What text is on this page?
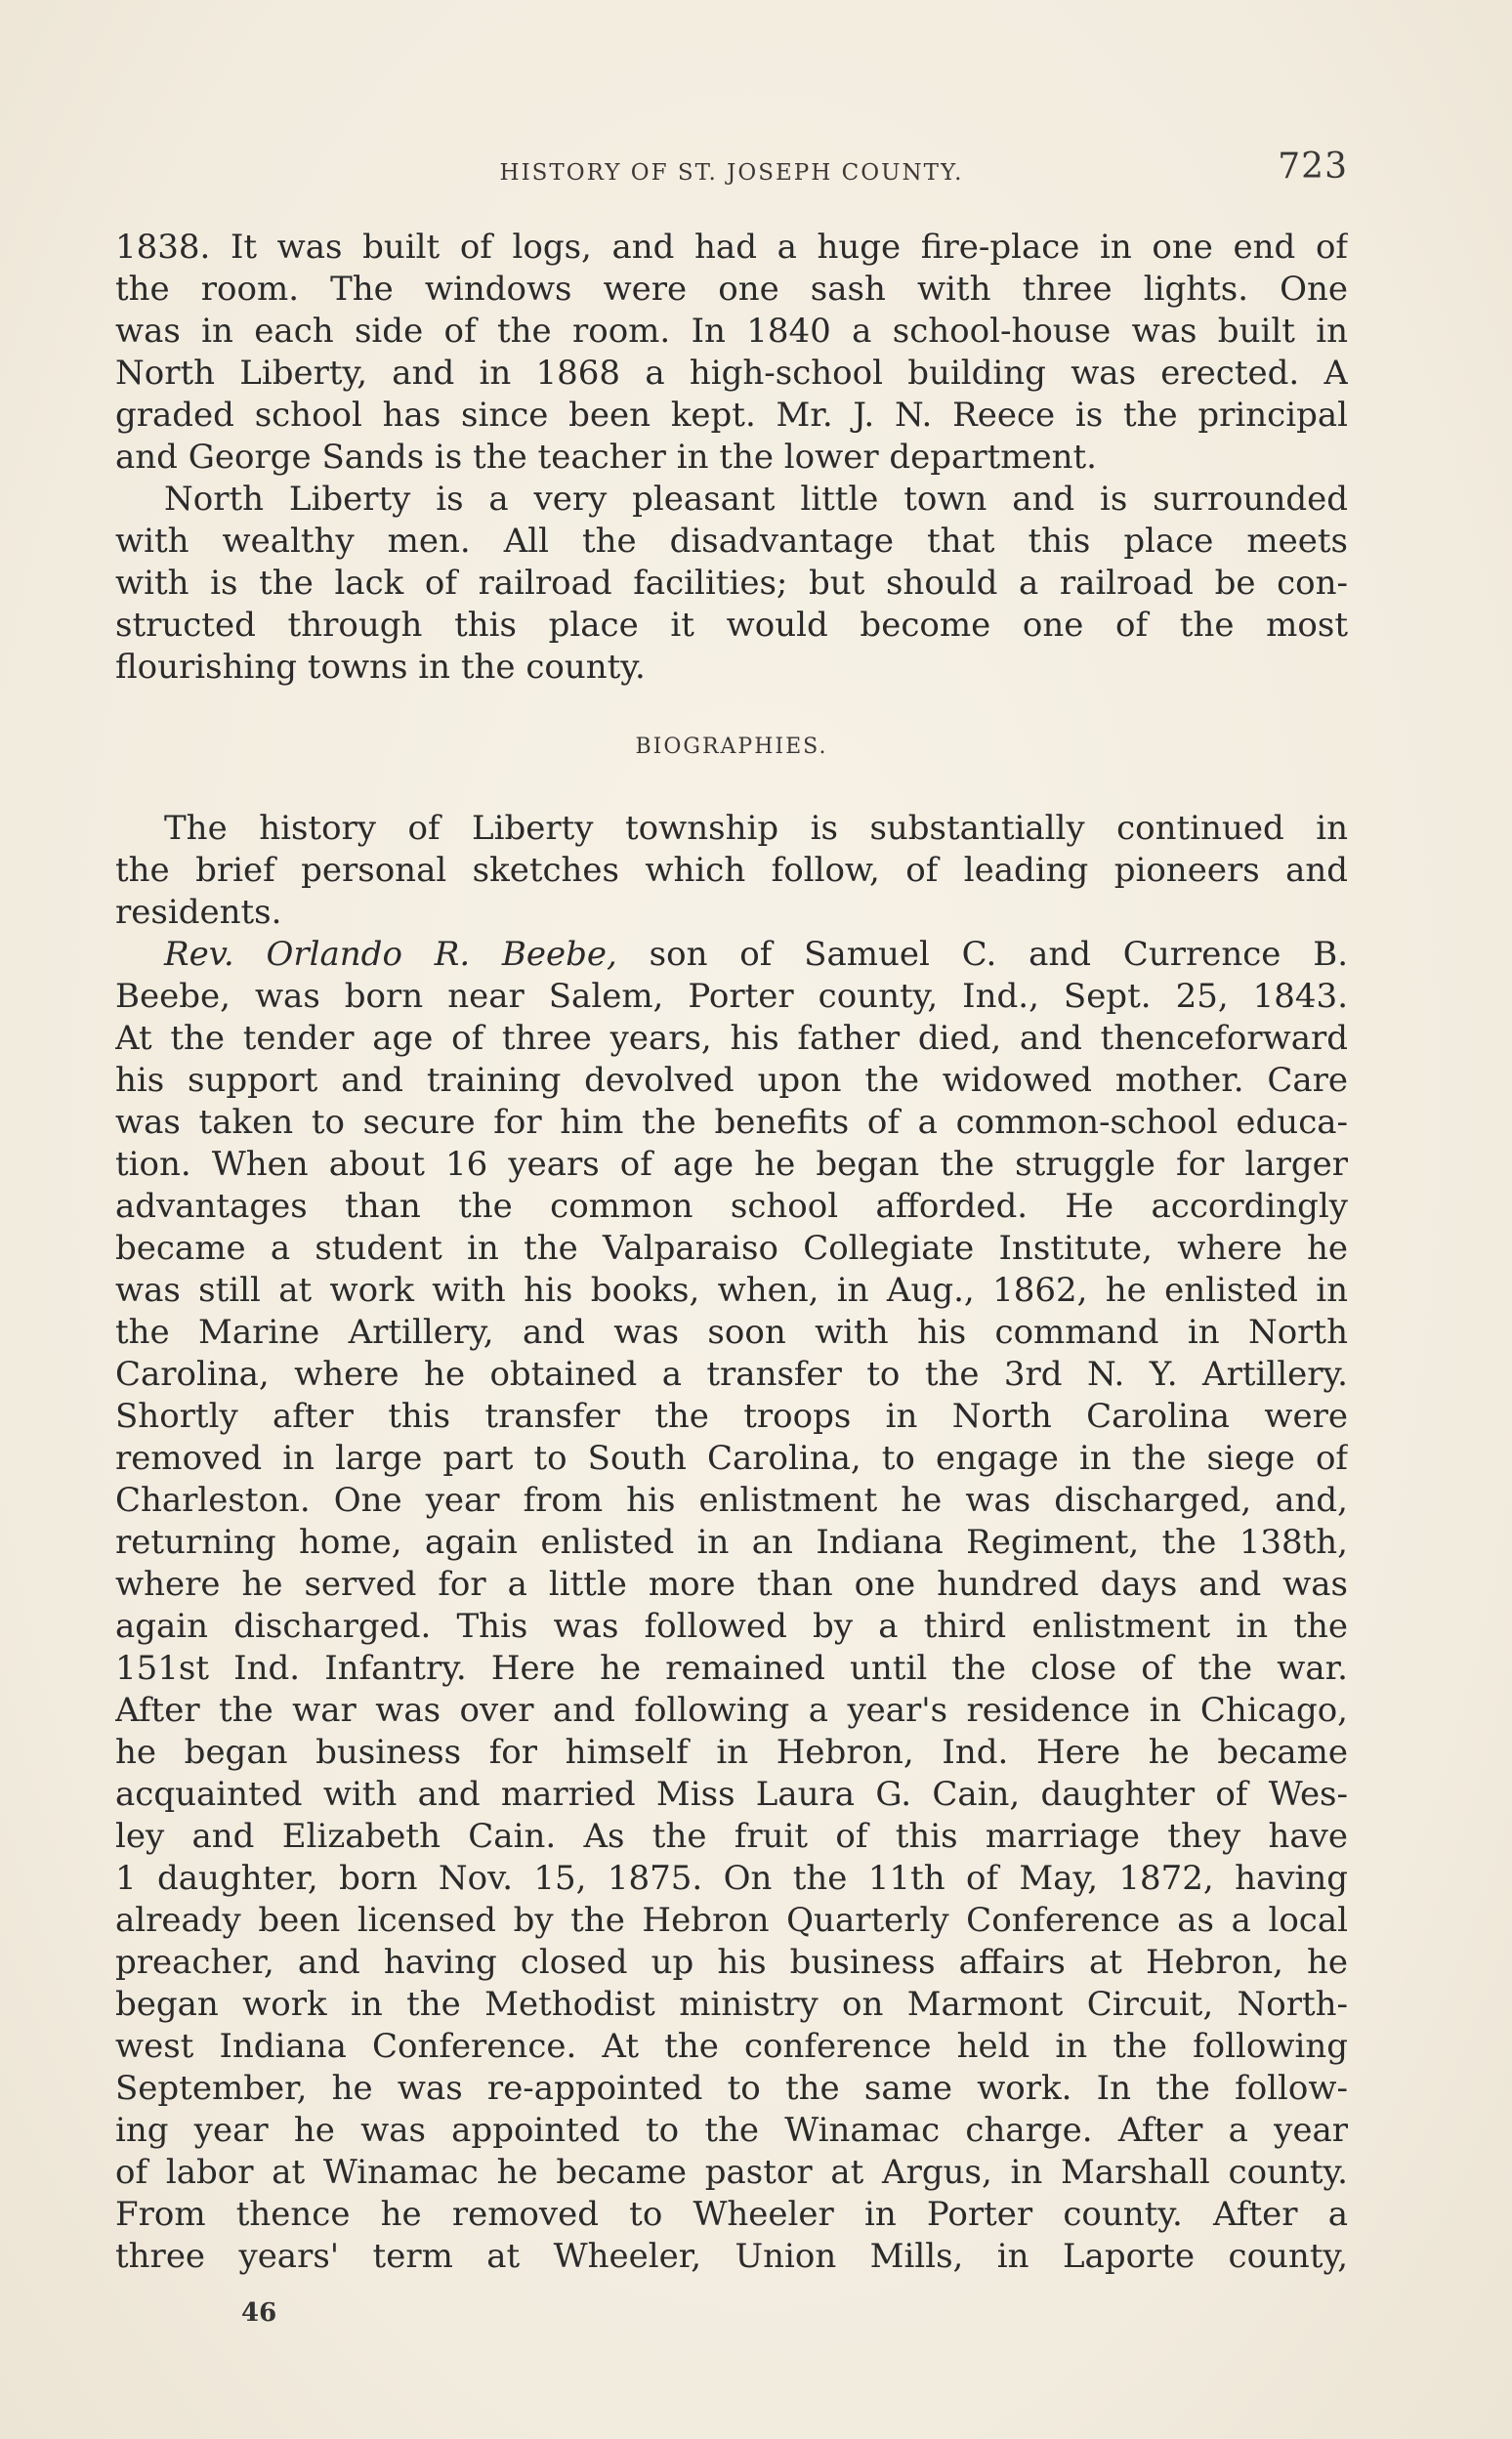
HISTORY OF ST. JOSEPH COUNTY.	723
1838. It was built of logs, and had a huge fire-place in one end of
the room. The windows were one sash with three lights. One
was in each side of the room. In 1840 a school-house was built in
North Liberty, and in 1868 a high-school building was erected. A
graded school has since been kept. Mr. J. N. Reece is the principal
and George Sands is the teacher in the lower department.
North Liberty is a very pleasant little town and is surrounded
with wealthy men. All the disadvantage that this place meets
with is the lack of railroad facilities; but should a railroad be con-
structed through this place it would become one of the most
flourishing towns in the county.
BIOGRAPHIES.
The history of Liberty township is substantially continued in
the brief personal sketches which follow, of leading pioneers and
residents.
Rev. Orlando R. Beebe, son of Samuel C. and Currence B.
Beebe, was born near Salem, Porter county, Ind., Sept. 25, 1843.
At the tender age of three years, his father died, and thenceforward
his support and training devolved upon the widowed mother. Care
was taken to secure for him the benefits of a common-school educa-
tion. When about 16 years of age he began the struggle for larger
advantages than the common school afforded. He accordingly
became a student in the Valparaiso Collegiate Institute, where he
was still at work with his books, when, in Aug., 1862, he enlisted in
the Marine Artillery, and was soon with his command in North
Carolina, where he obtained a transfer to the 3rd N. Y. Artillery.
Shortly after this transfer the troops in North Carolina were
removed in large part to South Carolina, to engage in the siege of
Charleston. One year from his enlistment he was discharged, and,
returning home, again enlisted in an Indiana Regiment, the 138th,
where he served for a little more than one hundred days and was
again discharged. This was followed by a third enlistment in the
151st Ind. Infantry. Here he remained until the close of the war.
After the war was over and following a year's residence in Chicago,
he began business for himself in Hebron, Ind. Here he became
acquainted with and married Miss Laura G. Cain, daughter of Wes-
ley and Elizabeth Cain. As the fruit of this marriage they have
1 daughter, born Nov. 15, 1875. On the 11th of May, 1872, having
already been licensed by the Hebron Quarterly Conference as a local
preacher, and having closed up his business affairs at Hebron, he
began work in the Methodist ministry on Marmont Circuit, North-
west Indiana Conference. At the conference held in the following
September, he was re-appointed to the same work. In the follow-
ing year he was appointed to the Winamac charge. After a year
of labor at Winamac he became pastor at Argus, in Marshall county.
From thence he removed to Wheeler in Porter county. After a
three years' term at Wheeler, Union Mills, in Laporte county,
46
